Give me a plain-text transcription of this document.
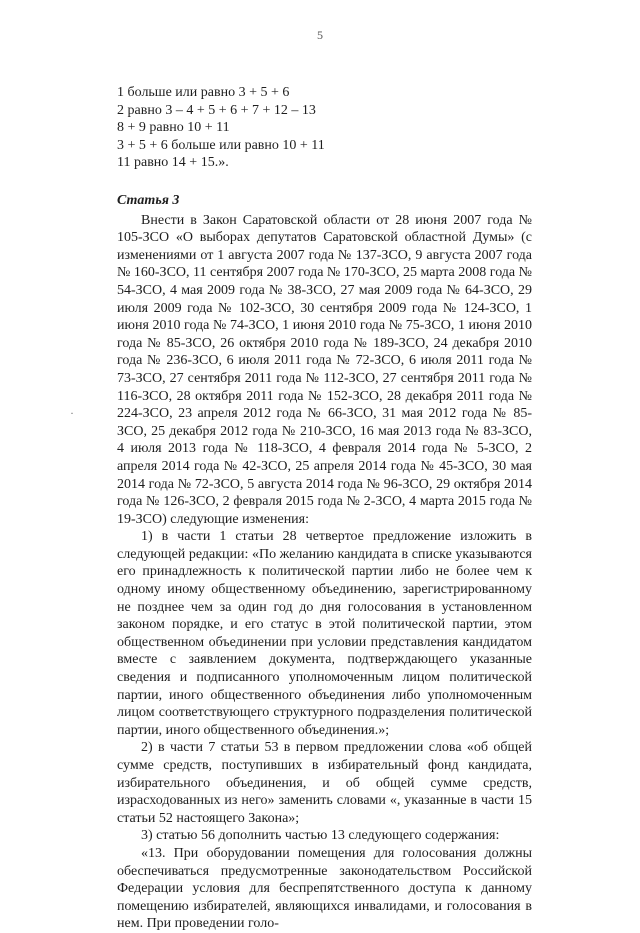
5
1 больше или равно 3 + 5 + 6
2 равно 3 – 4 + 5 + 6 + 7 + 12 – 13
8 + 9 равно 10 + 11
3 + 5 + 6 больше или равно 10 + 11
11 равно 14 + 15.».
·
Статья 3
Внести в Закон Саратовской области от 28 июня 2007 года № 105-ЗСО «О выборах депутатов Саратовской областной Думы» (с изменениями от 1 августа 2007 года № 137-ЗСО, 9 августа 2007 года № 160-ЗСО, 11 сентября 2007 года № 170-ЗСО, 25 марта 2008 года № 54-ЗСО, 4 мая 2009 года № 38-ЗСО, 27 мая 2009 года № 64-ЗСО, 29 июля 2009 года № 102-ЗСО, 30 сентября 2009 года № 124-ЗСО, 1 июня 2010 года № 74-ЗСО, 1 июня 2010 года № 75-ЗСО, 1 июня 2010 года № 85-ЗСО, 26 октября 2010 года № 189-ЗСО, 24 декабря 2010 года № 236-ЗСО, 6 июля 2011 года № 72-ЗСО, 6 июля 2011 года № 73-ЗСО, 27 сентября 2011 года № 112-ЗСО, 27 сентября 2011 года № 116-ЗСО, 28 октября 2011 года № 152-ЗСО, 28 декабря 2011 года № 224-ЗСО, 23 апреля 2012 года № 66-ЗСО, 31 мая 2012 года № 85-ЗСО, 25 декабря 2012 года № 210-ЗСО, 16 мая 2013 года № 83-ЗСО, 4 июля 2013 года № 118-ЗСО, 4 февраля 2014 года № 5-ЗСО, 2 апреля 2014 года № 42-ЗСО, 25 апреля 2014 года № 45-ЗСО, 30 мая 2014 года № 72-ЗСО, 5 августа 2014 года № 96-ЗСО, 29 октября 2014 года № 126-ЗСО, 2 февраля 2015 года № 2-ЗСО, 4 марта 2015 года № 19-ЗСО) следующие изменения:
1) в части 1 статьи 28 четвертое предложение изложить в следующей редакции: «По желанию кандидата в списке указываются его принадлежность к политической партии либо не более чем к одному иному общественному объединению, зарегистрированному не позднее чем за один год до дня голосования в установленном законом порядке, и его статус в этой политической партии, этом общественном объединении при условии представления кандидатом вместе с заявлением документа, подтверждающего указанные сведения и подписанного уполномоченным лицом политической партии, иного общественного объединения либо уполномоченным лицом соответствующего структурного подразделения политической партии, иного общественного объединения.»;
2) в части 7 статьи 53 в первом предложении слова «об общей сумме средств, поступивших в избирательный фонд кандидата, избирательного объединения, и об общей сумме средств, израсходованных из него» заменить словами «, указанные в части 15 статьи 52 настоящего Закона»;
3) статью 56 дополнить частью 13 следующего содержания:
«13. При оборудовании помещения для голосования должны обеспечиваться предусмотренные законодательством Российской Федерации условия для беспрепятственного доступа к данному помещению избирателей, являющихся инвалидами, и голосования в нем. При проведении голо-
